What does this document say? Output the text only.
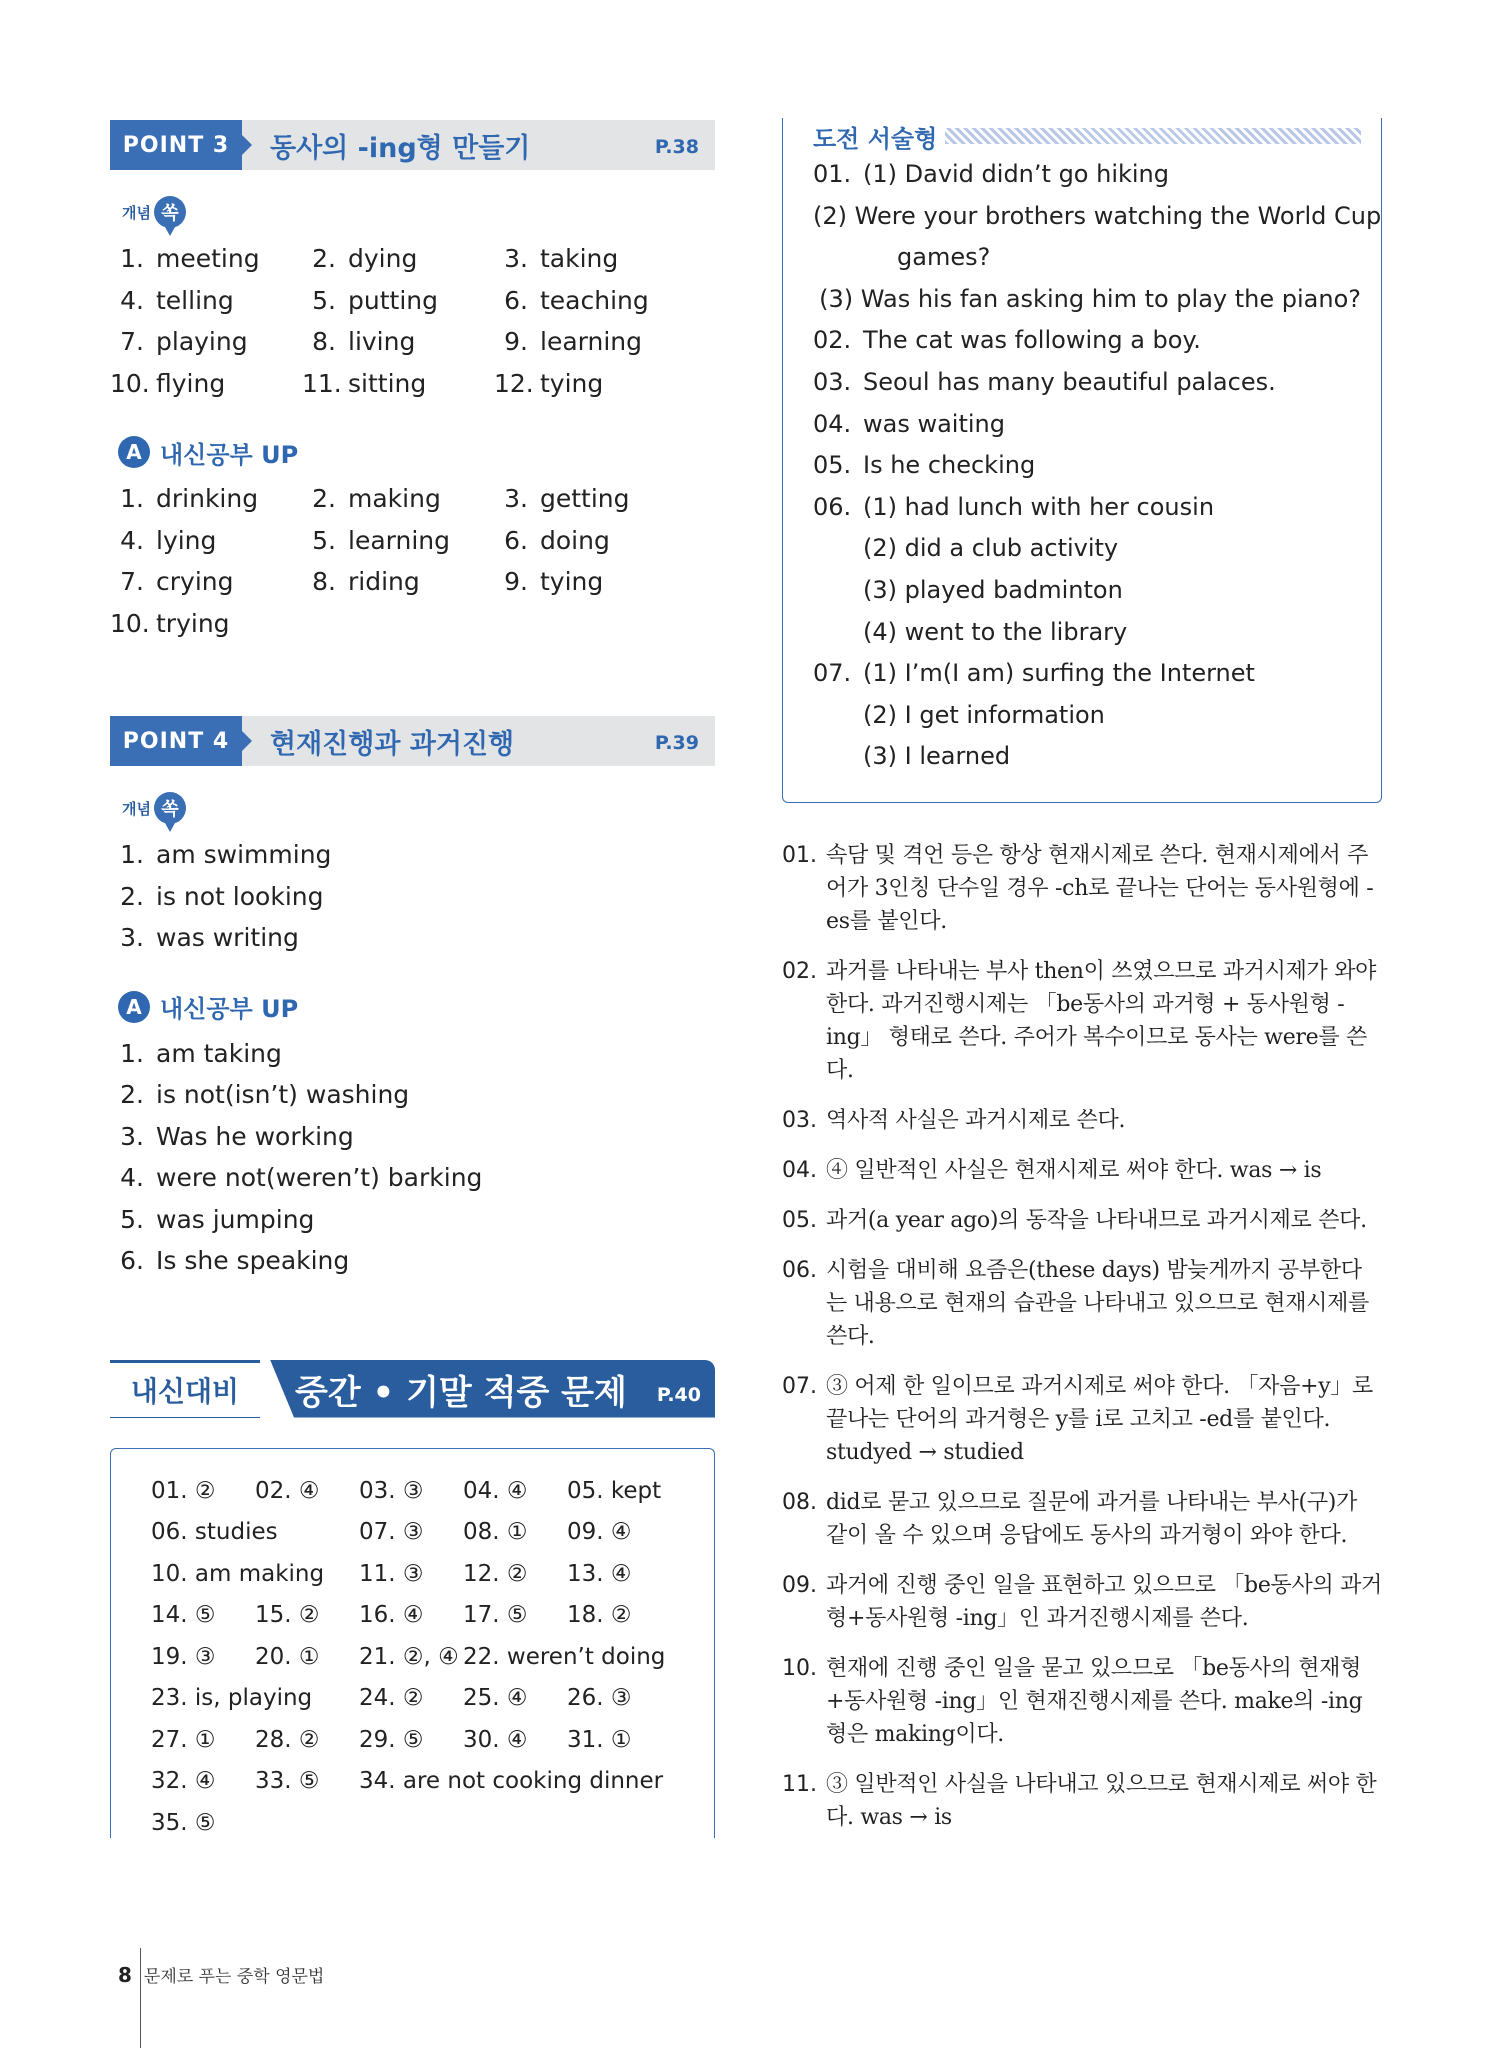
POINT 3	동사의 -ing형 만들기	P.38
개념 쏙
1. meeting	2. dying	3. taking
4. telling	5. putting	6. teaching
7. playing	8. living	9. learning
10. flying	11. sitting	12. tying
A 내신공부 UP
1. drinking	2. making	3. getting
4. lying	5. learning	6. doing
7. crying	8. riding	9. tying
10. trying
POINT 4	현재진행과 과거진행	P.39
개념 쏙
1. am swimming
2. is not looking
3. was writing
A 내신공부 UP
1. am taking
2. is not(isn’t) washing
3. Was he working
4. were not(weren’t) barking
5. was jumping
6. Is she speaking
내신대비	중간 • 기말 적중 문제 P.40
01. ②	02. ④	03. ③	04. ④	05. kept
06. studies	07. ③	08. ①	09. ④
10. am making 11. ③	12. ②	13. ④
14. ⑤	15. ②	16. ④	17. ⑤	18. ②
19. ③	20. ①	21. ②, ④ 22. weren’t doing
23. is, playing 24. ②	25. ④	26. ③
27. ①	28. ②	29. ⑤	30. ④	31. ①
32. ④	33. ⑤	34. are not cooking dinner
35. ⑤
도전 서술형
01. (1) David didn’t go hiking
(2) Were your brothers watching the World Cup
games?
(3) Was his fan asking him to play the piano?
02. The cat was following a boy.
03. Seoul has many beautiful palaces.
04. was waiting
05. Is he checking
06. (1) had lunch with her cousin
(2) did a club activity
(3) played badminton
(4) went to the library
07. (1) I’m(I am) surfing the Internet
(2) I get information
(3) I learned
01. 속담 및 격언 등은 항상 현재시제로 쓴다. 현재시제에서 주어가 3인칭 단수일 경우 -ch로 끝나는 단어는 동사원형에 -es를 붙인다.
02. 과거를 나타내는 부사 then이 쓰였으므로 과거시제가 와야 한다. 과거진행시제는 「be동사의 과거형 + 동사원형 -ing」 형태로 쓴다. 주어가 복수이므로 동사는 were를 쓴다.
03. 역사적 사실은 과거시제로 쓴다.
04. ④ 일반적인 사실은 현재시제로 써야 한다. was → is
05. 과거(a year ago)의 동작을 나타내므로 과거시제로 쓴다.
06. 시험을 대비해 요즘은(these days) 밤늦게까지 공부한다는 내용으로 현재의 습관을 나타내고 있으므로 현재시제를 쓴다.
07. ③ 어제 한 일이므로 과거시제로 써야 한다. 「자음+y」로 끝나는 단어의 과거형은 y를 i로 고치고 -ed를 붙인다. studyed → studied
08. did로 묻고 있으므로 질문에 과거를 나타내는 부사(구)가 같이 올 수 있으며 응답에도 동사의 과거형이 와야 한다.
09. 과거에 진행 중인 일을 표현하고 있으므로 「be동사의 과거형+동사원형 -ing」인 과거진행시제를 쓴다.
10. 현재에 진행 중인 일을 묻고 있으므로 「be동사의 현재형+동사원형 -ing」인 현재진행시제를 쓴다. make의 -ing형은 making이다.
11. ③ 일반적인 사실을 나타내고 있으므로 현재시제로 써야 한다. was → is
8 문제로 푸는 중학 영문법
